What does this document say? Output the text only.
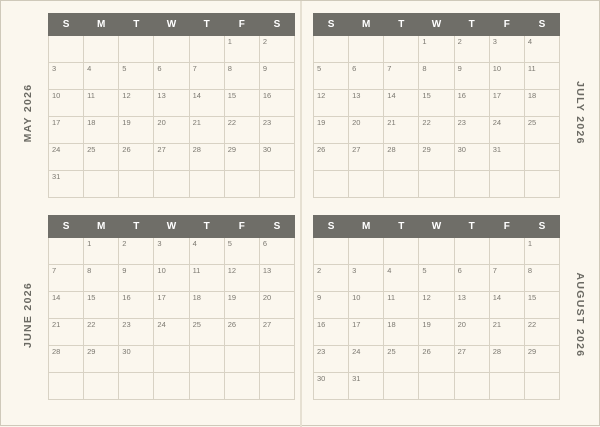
MAY 2026
S	M	T	W	T	F	S
					1	2
3	4	5	6	7	8	9
10	11	12	13	14	15	16
17	18	19	20	21	22	23
24	25	26	27	28	29	30
31						
S	M	T	W	T	F	S
			1	2	3	4
5	6	7	8	9	10	11
12	13	14	15	16	17	18
19	20	21	22	23	24	25
26	27	28	29	30	31	

JULY 2026
JUNE 2026
S	M	T	W	T	F	S
	1	2	3	4	5	6
7	8	9	10	11	12	13
14	15	16	17	18	19	20
21	22	23	24	25	26	27
28	29	30				

S	M	T	W	T	F	S
						1
2	3	4	5	6	7	8
9	10	11	12	13	14	15
16	17	18	19	20	21	22
23	24	25	26	27	28	29
30	31					
AUGUST 2026
